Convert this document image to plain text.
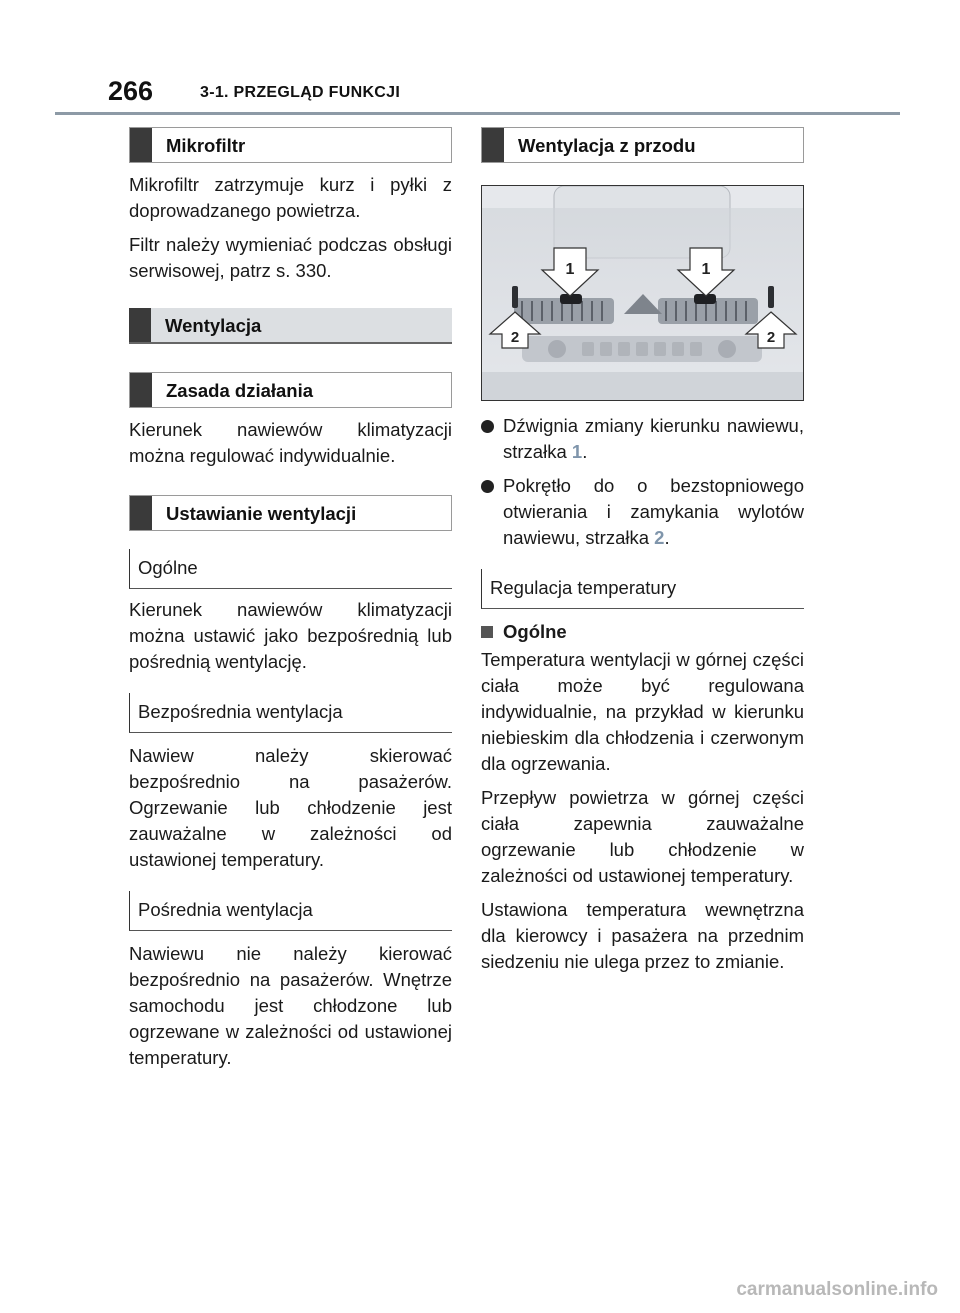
266	3-1. PRZEGLĄD FUNKCJI
Mikrofiltr

Mikrofiltr zatrzymuje kurz i pyłki z doprowadzanego powietrza.

Filtr należy wymieniać podczas obsługi serwisowej, patrz s. 330.

Wentylacja
Zasada działania

Kierunek nawiewów klimatyzacji można regulować indywidualnie.

Ustawianie wentylacji
Ogólne

Kierunek nawiewów klimatyzacji można ustawić jako bezpośrednią lub pośrednią wentylację.

Bezpośrednia wentylacja

Nawiew należy skierować bezpośrednio na pasażerów. Ogrzewanie lub chłodzenie jest zauważalne w zależności od ustawionej temperatury.

Pośrednia wentylacja

Nawiewu nie należy kierować bezpośrednio na pasażerów. Wnętrze samochodu jest chłodzone lub ogrzewane w zależności od ustawionej temperatury.

Wentylacja z przodu
1	1
2	2
Dźwignia zmiany kierunku nawiewu, strzałka 1.
Pokrętło do o bezstopniowego otwierania i zamykania wylotów nawiewu, strzałka 2.
Regulacja temperatury
Ogólne

Temperatura wentylacji w górnej części ciała może być regulowana indywidualnie, na przykład w kierunku niebieskim dla chłodzenia i czerwonym dla ogrzewania.

Przepływ powietrza w górnej części ciała zapewnia zauważalne ogrzewanie lub chłodzenie w zależności od ustawionej temperatury.

Ustawiona temperatura wewnętrzna dla kierowcy i pasażera na przednim siedzeniu nie ulega przez to zmianie.

carmanualsonline.info
